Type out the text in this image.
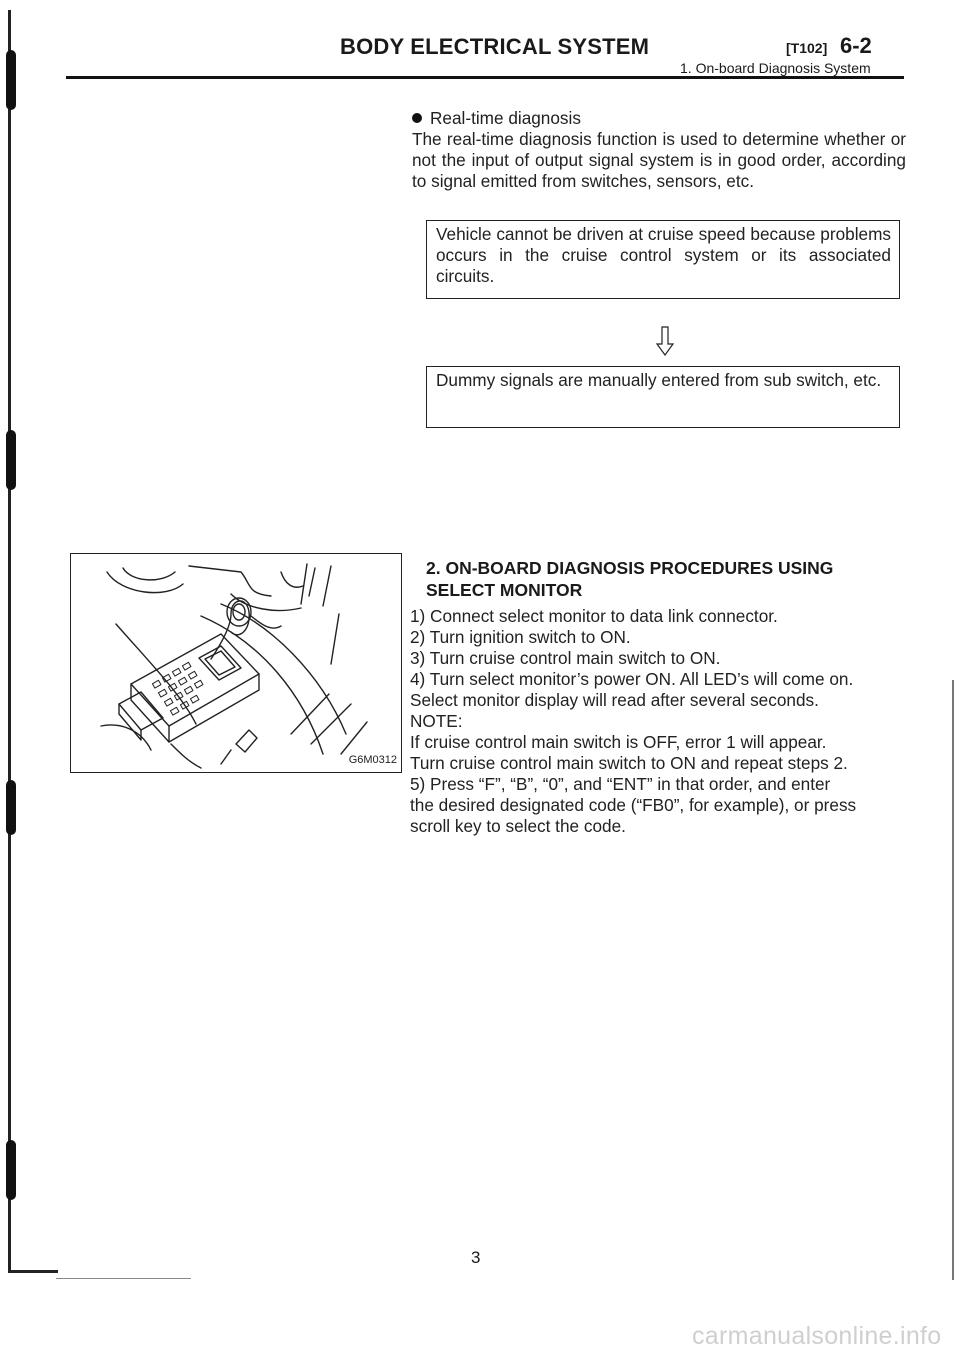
BODY ELECTRICAL SYSTEM	[T102] 6-2
1. On-board Diagnosis System
Real-time diagnosis
The real-time diagnosis function is used to determine whether or not the input of output signal system is in good order, according to signal emitted from switches, sensors, etc.
Vehicle cannot be driven at cruise speed because problems occurs in the cruise control system or its associated circuits.
Dummy signals are manually entered from sub switch, etc.
G6M0312
2. ON-BOARD DIAGNOSIS PROCEDURES USING
SELECT MONITOR
1) Connect select monitor to data link connector.
2) Turn ignition switch to ON.
3) Turn cruise control main switch to ON.
4) Turn select monitor’s power ON. All LED’s will come on.
Select monitor display will read after several seconds.
NOTE:
If cruise control main switch is OFF, error 1 will appear.
Turn cruise control main switch to ON and repeat steps 2.
5) Press “F”, “B”, “0”, and “ENT” in that order, and enter
the desired designated code (“FB0”, for example), or press
scroll key to select the code.
3
carmanualsonline.info
